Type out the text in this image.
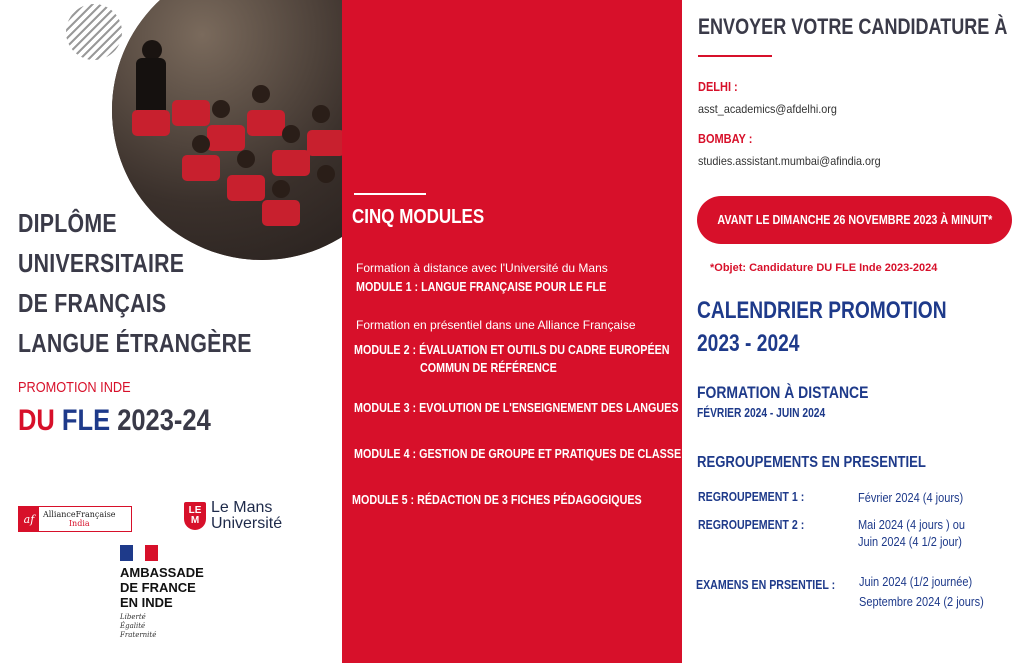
DIPLÔME
UNIVERSITAIRE
DE FRANÇAIS
LANGUE ÉTRANGÈRE
PROMOTION INDE
DU FLE 2023-24
af	AllianceFrançaise
India
LE M
Le Mans
Université
AMBASSADE
DE FRANCE
EN INDE
Liberté
Égalité
Fraternité
CINQ MODULES
Formation à distance avec l'Université du Mans
MODULE 1 : LANGUE FRANÇAISE POUR LE FLE
Formation en présentiel dans une Alliance Française
MODULE 2 : ÉVALUATION ET OUTILS DU CADRE EUROPÉEN
COMMUN DE RÉFÉRENCE
MODULE 3 : EVOLUTION DE L'ENSEIGNEMENT DES LANGUES
MODULE 4 : GESTION DE GROUPE ET PRATIQUES DE CLASSE
MODULE 5 : RÉDACTION DE 3 FICHES PÉDAGOGIQUES
ENVOYER VOTRE CANDIDATURE À
DELHI :
asst_academics@afdelhi.org
BOMBAY :
studies.assistant.mumbai@afindia.org
AVANT LE DIMANCHE 26 NOVEMBRE 2023 À MINUIT*
*Objet: Candidature DU FLE Inde 2023-2024
CALENDRIER PROMOTION
2023 - 2024
FORMATION À DISTANCE
FÉVRIER 2024 - JUIN 2024
REGROUPEMENTS EN PRESENTIEL
REGROUPEMENT 1 :	Février 2024 (4 jours)
REGROUPEMENT 2 :	Mai 2024 (4 jours ) ou
Juin 2024 (4 1/2 jour)
EXAMENS EN PRSENTIEL : Juin 2024 (1/2 journée)
Septembre 2024 (2 jours)
